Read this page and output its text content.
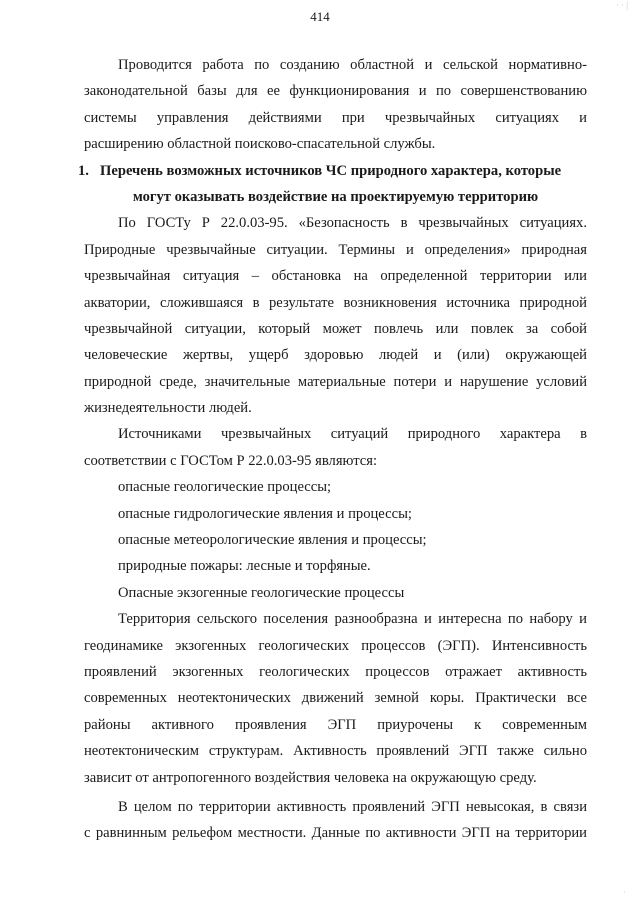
· · |
414
Проводится работа по созданию областной и сельской нормативно-
законодательной базы для ее функционирования и по совершенствованию
системы управления действиями при чрезвычайных ситуациях и
расширению областной поисково-спасательной службы.
1. Перечень возможных источников ЧС природного характера, которые
могут оказывать воздействие на проектируемую территорию
По ГОСТу Р 22.0.03-95. «Безопасность в чрезвычайных ситуациях.
Природные чрезвычайные ситуации. Термины и определения» природная
чрезвычайная ситуация – обстановка на определенной территории или
акватории, сложившаяся в результате возникновения источника природной
чрезвычайной ситуации, который может повлечь или повлек за собой
человеческие жертвы, ущерб здоровью людей и (или) окружающей
природной среде, значительные материальные потери и нарушение условий
жизнедеятельности людей.
Источниками чрезвычайных ситуаций природного характера в
соответствии с ГОСТом Р 22.0.03-95 являются:
опасные геологические процессы;
опасные гидрологические явления и процессы;
опасные метеорологические явления и процессы;
природные пожары: лесные и торфяные.
Опасные экзогенные геологические процессы
Территория сельского поселения разнообразна и интересна по набору и
геодинамике экзогенных геологических процессов (ЭГП). Интенсивность
проявлений экзогенных геологических процессов отражает активность
современных неотектонических движений земной коры. Практически все
районы активного проявления ЭГП приурочены к современным
неотектоническим структурам. Активность проявлений ЭГП также сильно
зависит от антропогенного воздействия человека на окружающую среду.
В целом по территории активность проявлений ЭГП невысокая, в связи
с равнинным рельефом местности. Данные по активности ЭГП на территории
·
